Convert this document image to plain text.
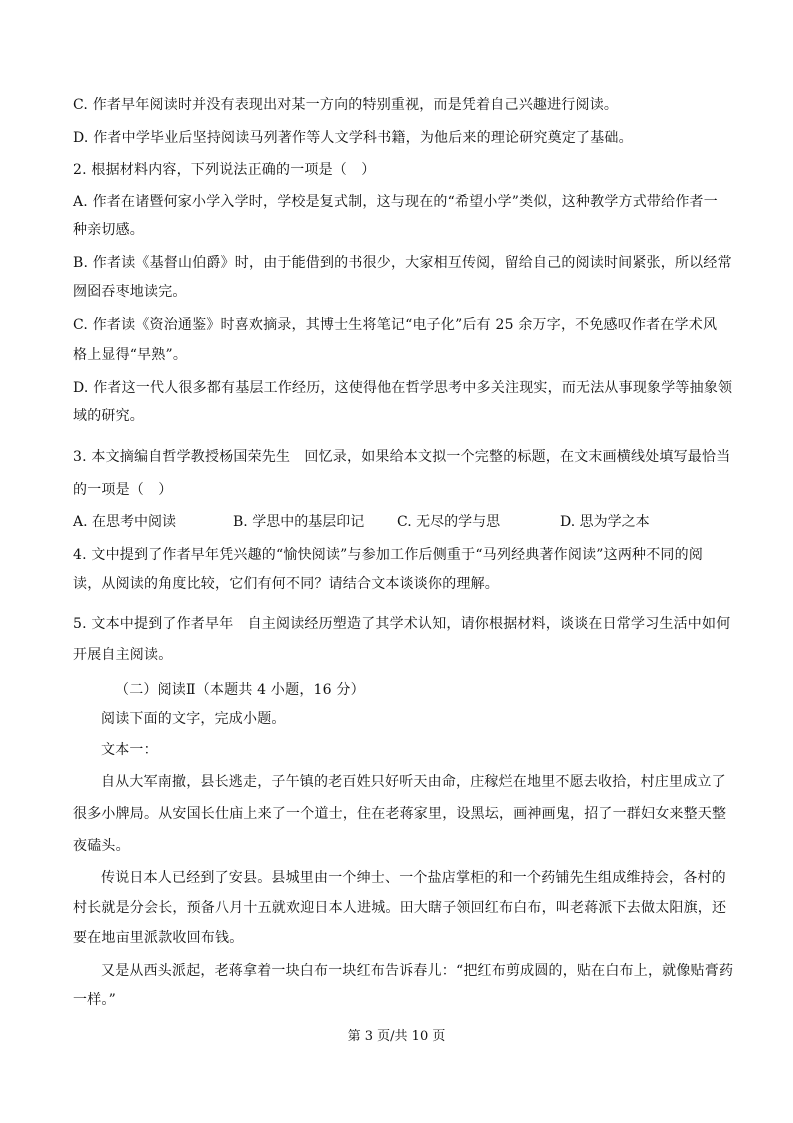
C. 作者早年阅读时并没有表现出对某一方向的特别重视，而是凭着自己兴趣进行阅读。
D. 作者中学毕业后坚持阅读马列著作等人文学科书籍，为他后来的理论研究奠定了基础。
2. 根据材料内容，下列说法正确的一项是（　）
A. 作者在诸暨何家小学入学时，学校是复式制，这与现在的“希望小学”类似，这种教学方式带给作者一
种亲切感。
B. 作者读《基督山伯爵》时，由于能借到的书很少，大家相互传阅，留给自己的阅读时间紧张，所以经常
囫囵吞枣地读完。
C. 作者读《资治通鉴》时喜欢摘录，其博士生将笔记“电子化”后有 25 余万字，不免感叹作者在学术风
格上显得“早熟”。
D. 作者这一代人很多都有基层工作经历，这使得他在哲学思考中多关注现实，而无法从事现象学等抽象领
域的研究。
3. 本文摘编自哲学教授杨国荣先生　回忆录，如果给本文拟一个完整的标题，在文末画横线处填写最恰当
的一项是（　）
A. 在思考中阅读	B. 学思中的基层印记 C. 无尽的学与思	D. 思为学之本
4. 文中提到了作者早年凭兴趣的“愉快阅读”与参加工作后侧重于“马列经典著作阅读”这两种不同的阅
读，从阅读的角度比较，它们有何不同？请结合文本谈谈你的理解。
5. 文本中提到了作者早年　自主阅读经历塑造了其学术认知，请你根据材料，谈谈在日常学习生活中如何
开展自主阅读。
（二）阅读Ⅱ（本题共 4 小题，16 分）
阅读下面的文字，完成小题。
文本一：
自从大军南撤，县长逃走，子午镇的老百姓只好听天由命，庄稼烂在地里不愿去收拾，村庄里成立了
很多小牌局。从安国长仕庙上来了一个道士，住在老蒋家里，设黑坛，画神画鬼，招了一群妇女来整天整
夜磕头。
传说日本人已经到了安县。县城里由一个绅士、一个盐店掌柜的和一个药铺先生组成维持会，各村的
村长就是分会长，预备八月十五就欢迎日本人进城。田大瞎子领回红布白布，叫老蒋派下去做太阳旗，还
要在地亩里派款收回布钱。
又是从西头派起，老蒋拿着一块白布一块红布告诉春儿：“把红布剪成圆的，贴在白布上，就像贴膏药
一样。”
第 3 页/共 10 页
